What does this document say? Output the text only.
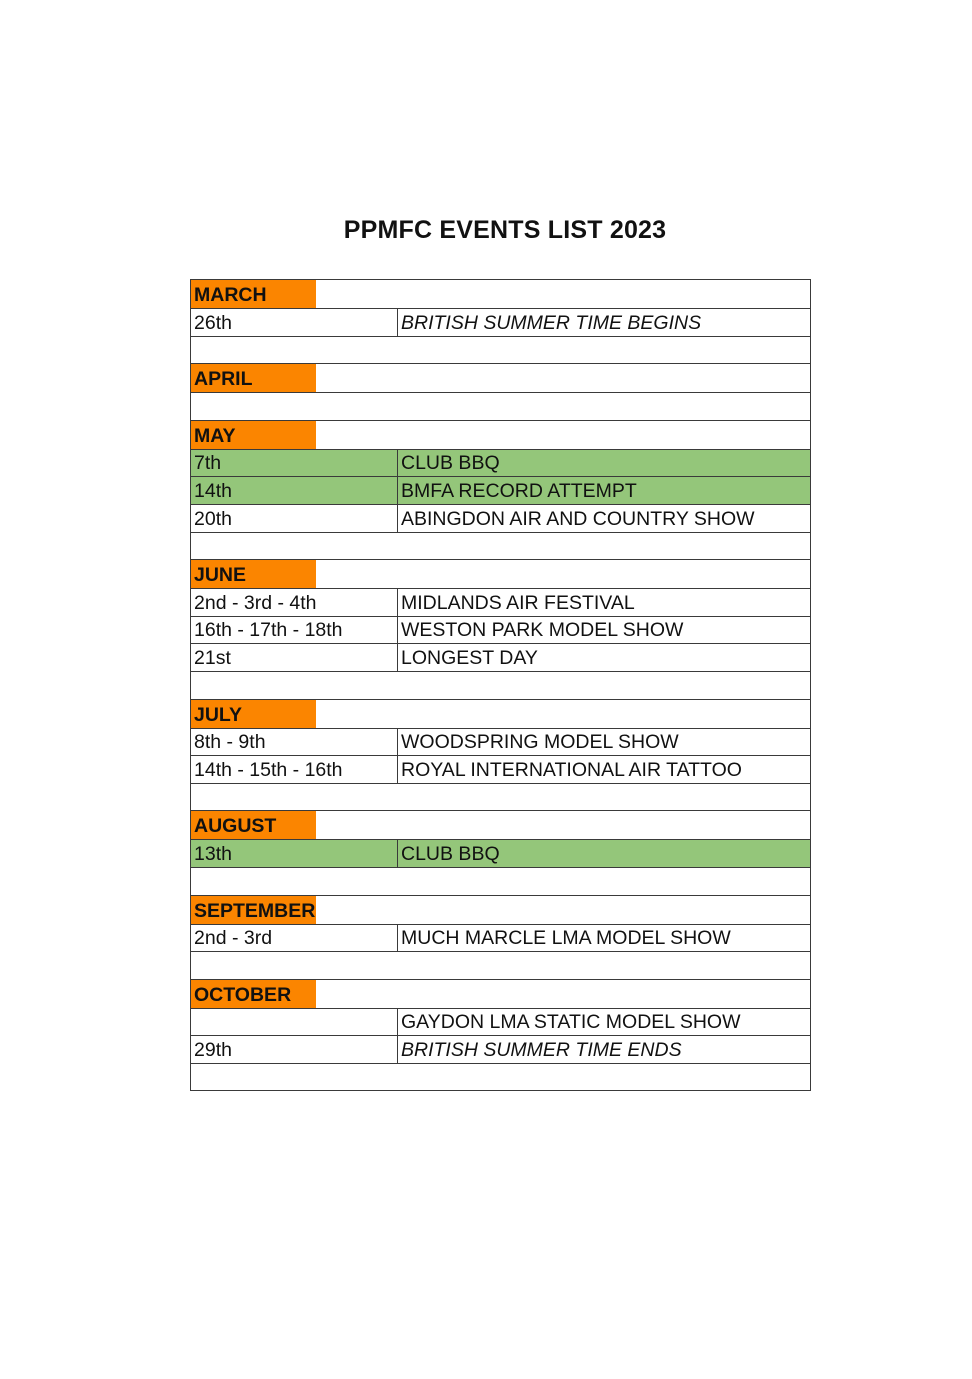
PPMFC EVENTS LIST 2023
MARCH	

26th	BRITISH SUMMER TIME BEGINS

APRIL	

MAY	

7th	CLUB BBQ
14th	BMFA RECORD ATTEMPT
20th	ABINGDON AIR AND COUNTRY SHOW

JUNE	

2nd - 3rd - 4th	MIDLANDS AIR FESTIVAL
16th - 17th - 18th	WESTON PARK MODEL SHOW
21st	LONGEST DAY

JULY	

8th - 9th	WOODSPRING MODEL SHOW
14th - 15th - 16th	ROYAL INTERNATIONAL AIR TATTOO

AUGUST	

13th	CLUB BBQ

SEPTEMBER	

2nd - 3rd	MUCH MARCLE LMA MODEL SHOW

OCTOBER	

	GAYDON LMA STATIC MODEL SHOW
29th	BRITISH SUMMER TIME ENDS
